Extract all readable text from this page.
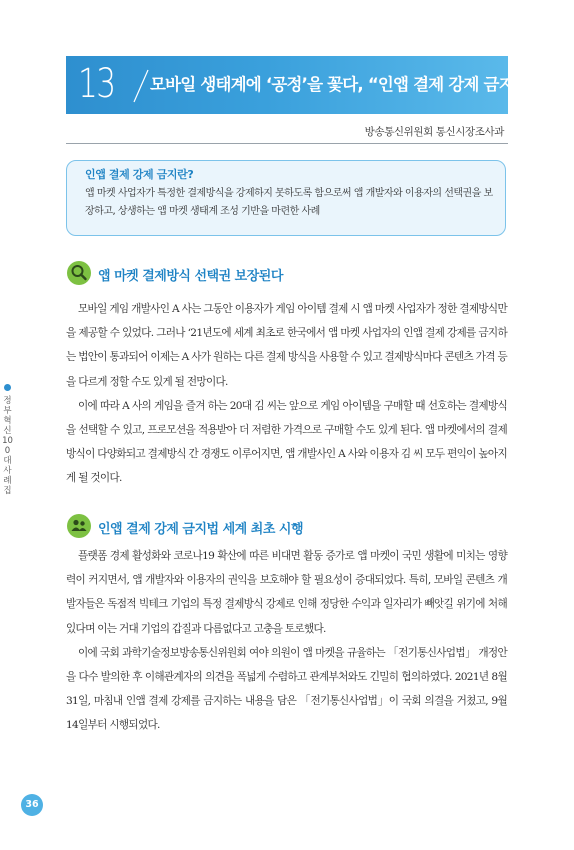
13 모바일 생태계에 ‘공정’을 꽃다, “인앱 결제 강제 금지법”
방송통신위원회 통신시장조사과
인앱 결제 강제 금지란?
앱 마켓 사업자가 특정한 결제방식을 강제하지 못하도록 함으로써 앱 개발자와 이용자의 선택권을 보장하고, 상생하는 앱 마켓 생태계 조성 기반을 마련한 사례
앱 마켓 결제방식 선택권 보장된다

모바일 게임 개발사인 A 사는 그동안 이용자가 게임 아이템 결제 시 앱 마켓 사업자가 정한 결제방식만을 제공할 수 있었다. 그러나 ‘21년도에 세계 최초로 한국에서 앱 마켓 사업자의 인앱 결제 강제를 금지하는 법안이 통과되어 이제는 A 사가 원하는 다른 결제 방식을 사용할 수 있고 결제방식마다 콘텐츠 가격 등을 다르게 정할 수도 있게 될 전망이다.

이에 따라 A 사의 게임을 즐겨 하는 20대 김 씨는 앞으로 게임 아이템을 구매할 때 선호하는 결제방식을 선택할 수 있고, 프로모션을 적용받아 더 저렴한 가격으로 구매할 수도 있게 된다. 앱 마켓에서의 결제방식이 다양화되고 결제방식 간 경쟁도 이루어지면, 앱 개발사인 A 사와 이용자 김 씨 모두 편익이 높아지게 될 것이다.

인앱 결제 강제 금지법 세계 최초 시행

플랫폼 경제 활성화와 코로나19 확산에 따른 비대면 활동 증가로 앱 마켓이 국민 생활에 미치는 영향력이 커지면서, 앱 개발자와 이용자의 권익을 보호해야 할 필요성이 증대되었다. 특히, 모바일 콘텐츠 개발자들은 독점적 빅테크 기업의 특정 결제방식 강제로 인해 정당한 수익과 일자리가 빼앗길 위기에 처해있다며 이는 거대 기업의 갑질과 다름없다고 고충을 토로했다.

이에 국회 과학기술정보방송통신위원회 여야 의원이 앱 마켓을 규율하는 「전기통신사업법」 개정안을 다수 발의한 후 이해관계자의 의견을 폭넓게 수렴하고 관계부처와도 긴밀히 협의하였다. 2021년 8월 31일, 마침내 인앱 결제 강제를 금지하는 내용을 담은 「전기통신사업법」이 국회 의결을 거쳤고, 9월 14일부터 시행되었다.

정부혁신 100대 사례집
36
